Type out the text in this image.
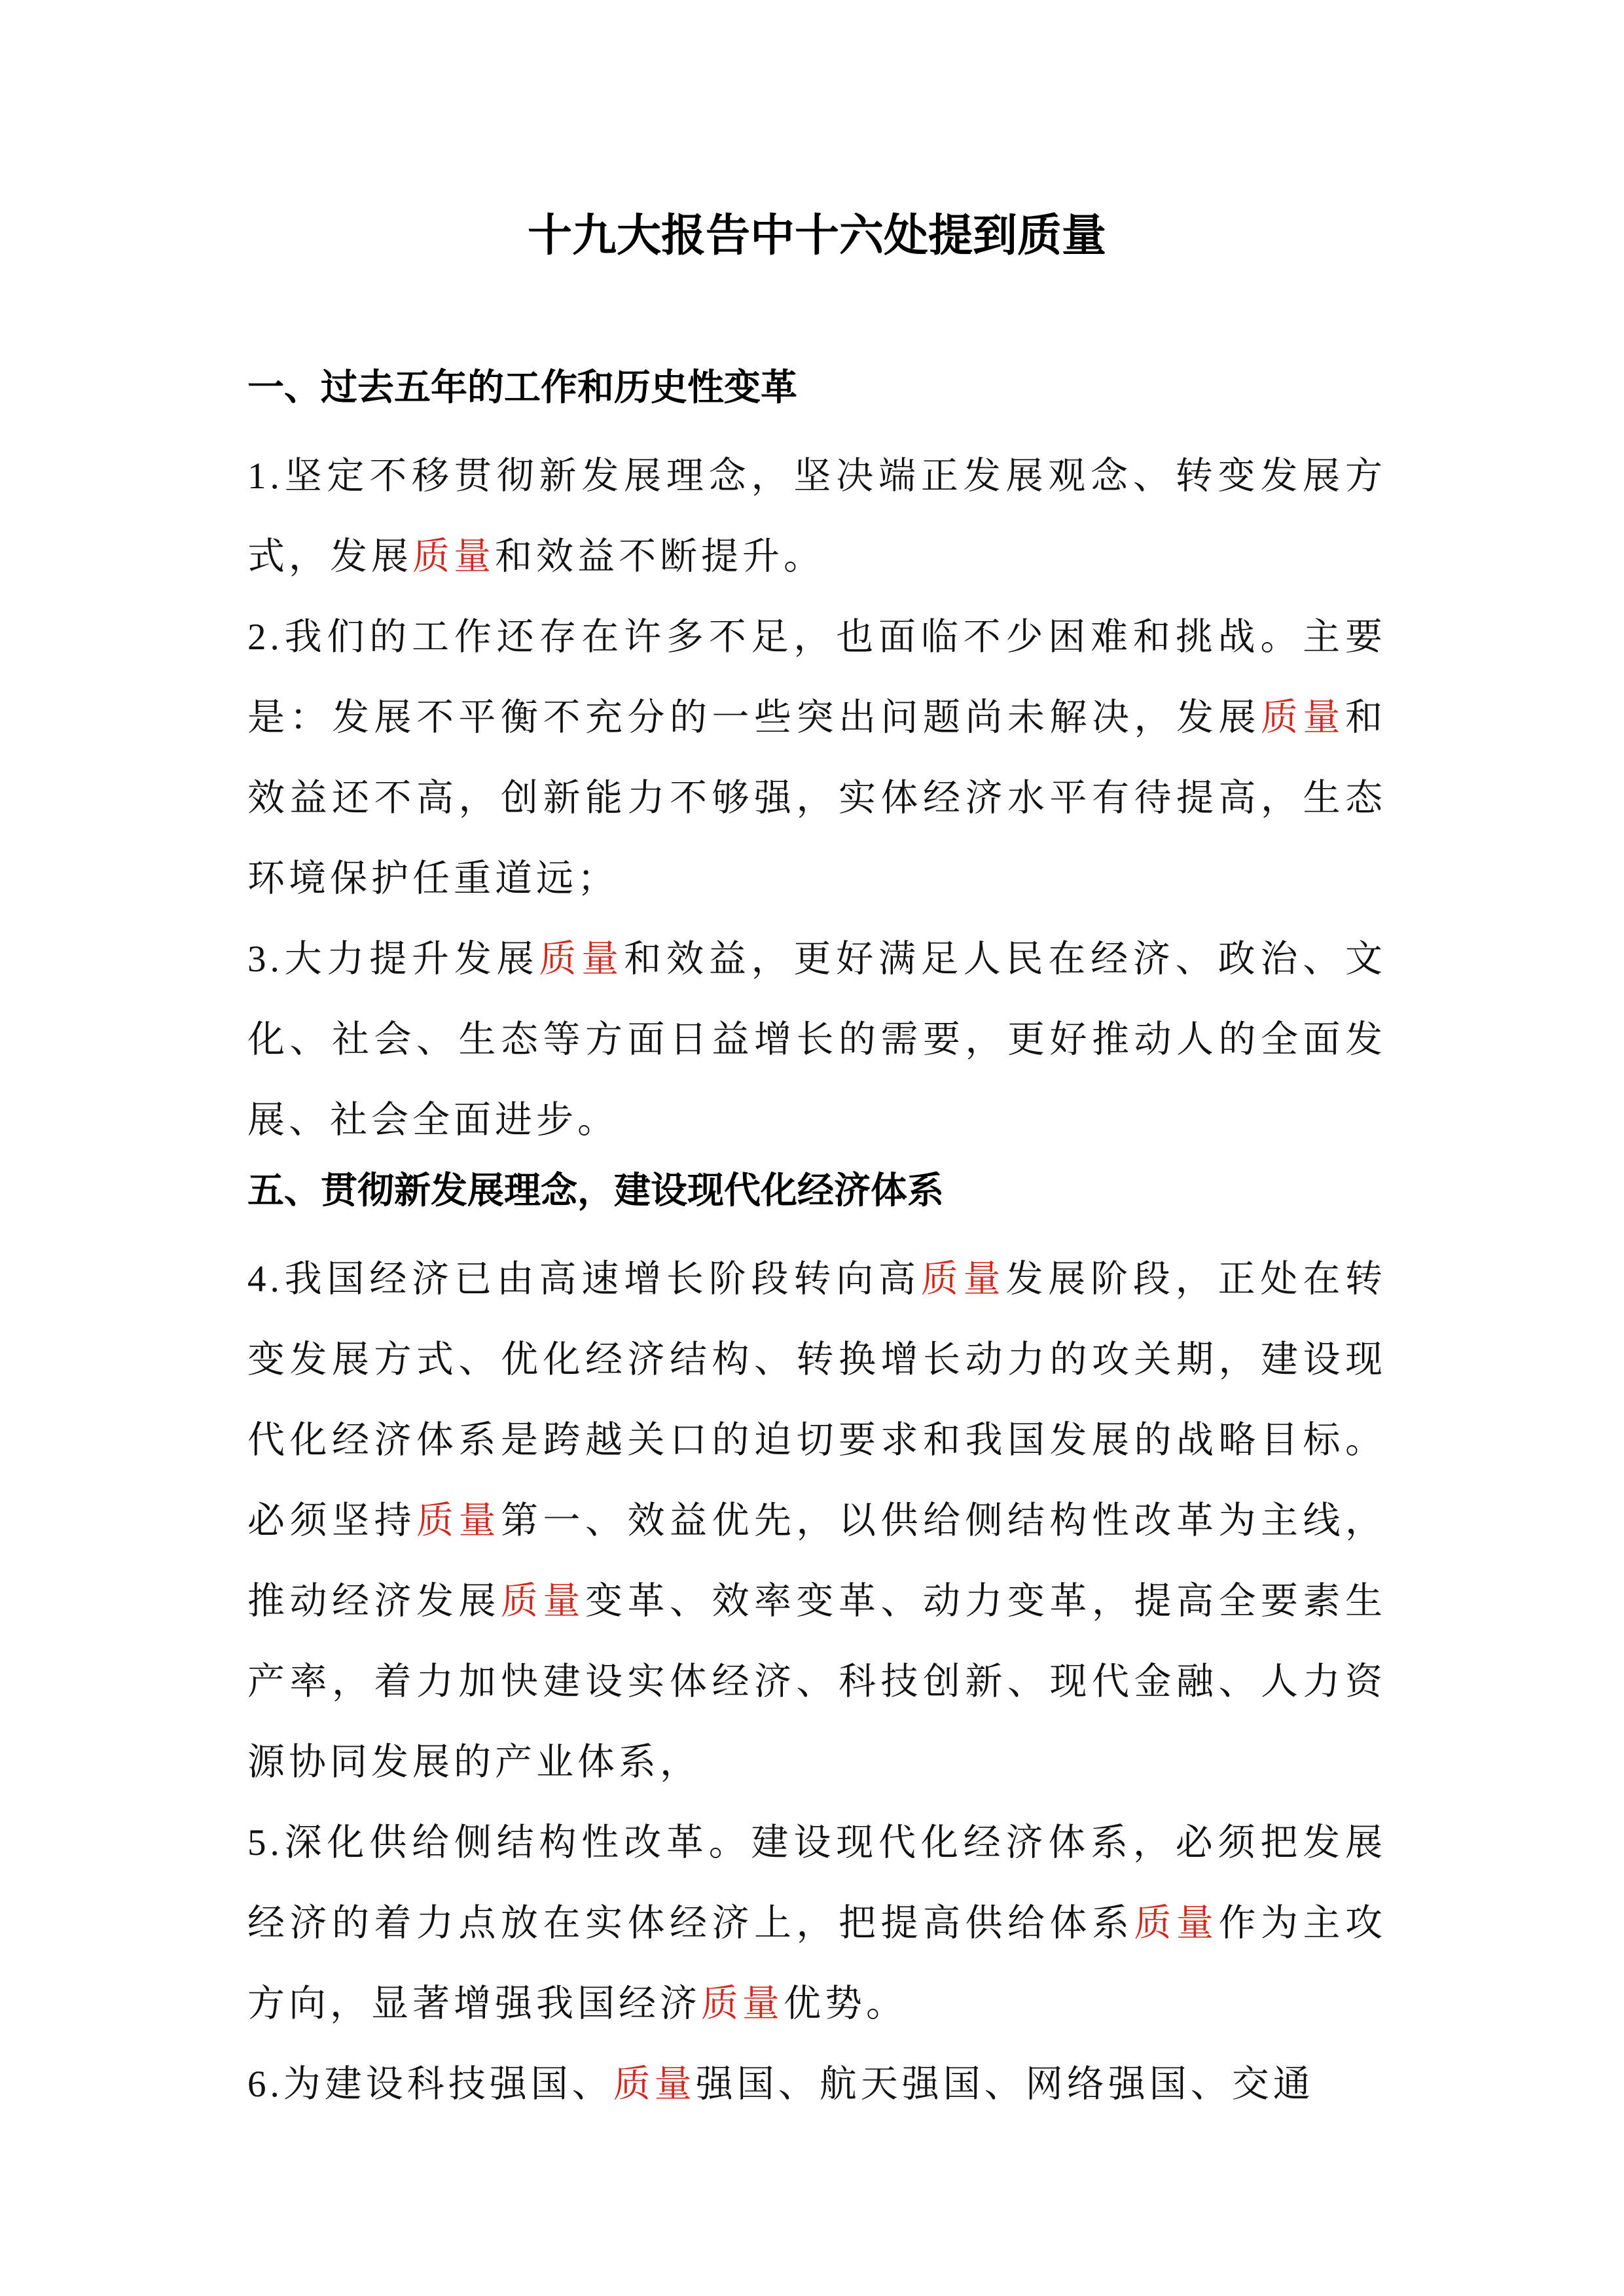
十九大报告中十六处提到质量
一、过去五年的工作和历史性变革

1.坚定不移贯彻新发展理念，坚决端正发展观念、转变发展方式，发展质量和效益不断提升。

2.我们的工作还存在许多不足，也面临不少困难和挑战。主要是：发展不平衡不充分的一些突出问题尚未解决，发展质量和效益还不高，创新能力不够强，实体经济水平有待提高，生态环境保护任重道远；

3.大力提升发展质量和效益，更好满足人民在经济、政治、文化、社会、生态等方面日益增长的需要，更好推动人的全面发展、社会全面进步。

五、贯彻新发展理念，建设现代化经济体系

4.我国经济已由高速增长阶段转向高质量发展阶段，正处在转变发展方式、优化经济结构、转换增长动力的攻关期，建设现代化经济体系是跨越关口的迫切要求和我国发展的战略目标。必须坚持质量第一、效益优先，以供给侧结构性改革为主线，推动经济发展质量变革、效率变革、动力变革，提高全要素生产率，着力加快建设实体经济、科技创新、现代金融、人力资源协同发展的产业体系，

5.深化供给侧结构性改革。建设现代化经济体系，必须把发展经济的着力点放在实体经济上，把提高供给体系质量作为主攻方向，显著增强我国经济质量优势。

6.为建设科技强国、质量强国、航天强国、网络强国、交通
